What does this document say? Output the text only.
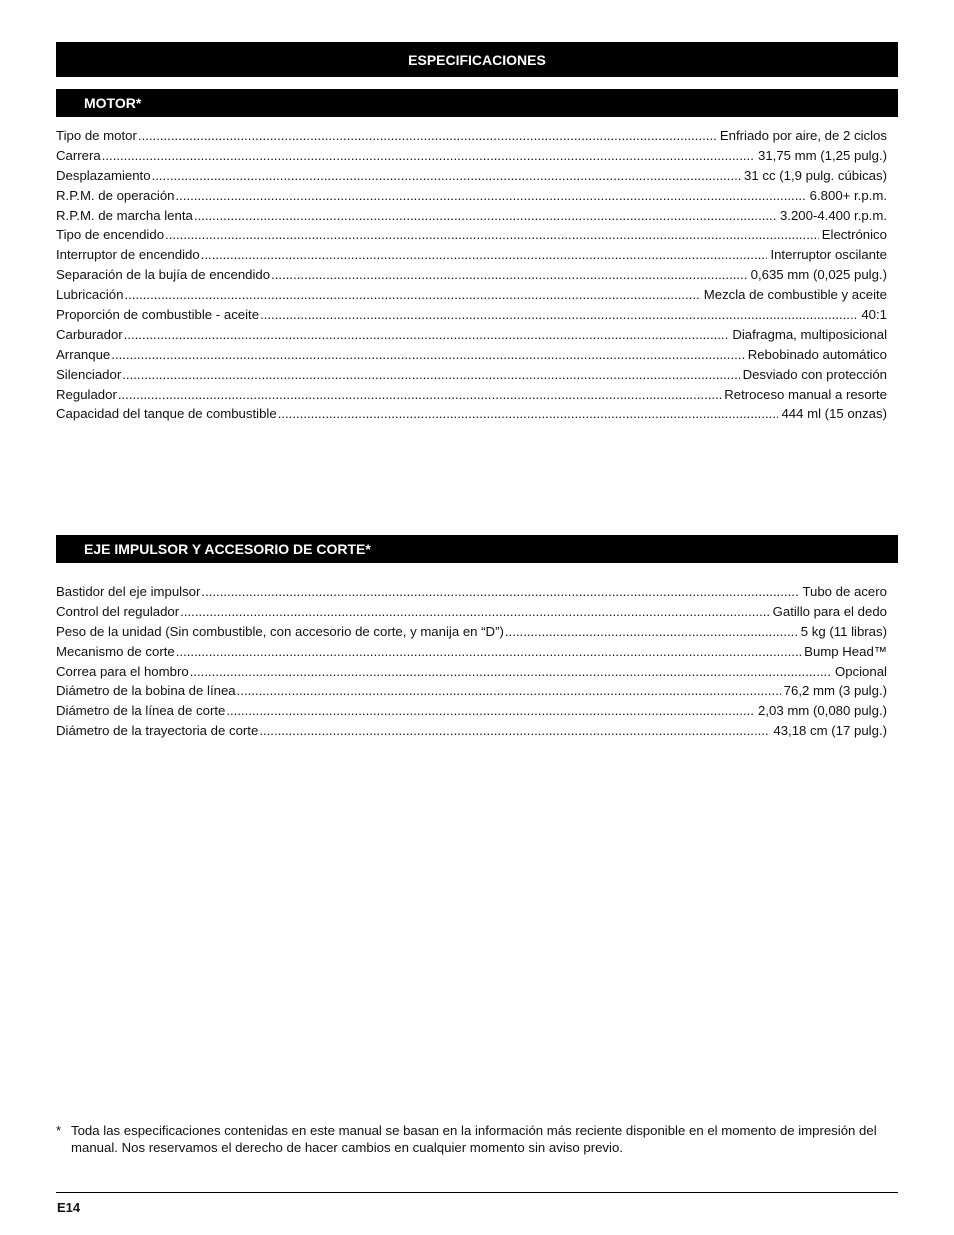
ESPECIFICACIONES
MOTOR*
Tipo de motor .....	Enfriado por aire, de 2 ciclos
Carrera .....	31,75 mm (1,25 pulg.)
Desplazamiento .....	31 cc (1,9 pulg. cúbicas)
R.P.M. de operación .....	6.800+ r.p.m.
R.P.M. de marcha lenta .....	3.200-4.400 r.p.m.
Tipo de encendido .....	Electrónico
Interruptor de encendido .....	Interruptor oscilante
Separación de la bujía de encendido .....	0,635 mm (0,025 pulg.)
Lubricación .....	Mezcla de combustible y aceite
Proporción de combustible - aceite .....	40:1
Carburador .....	Diafragma, multiposicional
Arranque .....	Rebobinado automático
Silenciador .....	Desviado con protección
Regulador .....	Retroceso manual a resorte
Capacidad del tanque de combustible .....	444 ml (15 onzas)
EJE IMPULSOR Y ACCESORIO DE CORTE*
Bastidor del eje impulsor .....	Tubo de acero
Control del regulador .....	Gatillo para el dedo
Peso de la unidad (Sin combustible, con accesorio de corte, y manija en “D”) .....	5 kg (11 libras)
Mecanismo de corte .....	Bump Head™
Correa para el hombro .....	Opcional
Diámetro de la bobina de línea .....	76,2 mm (3 pulg.)
Diámetro de la línea de corte .....	2,03 mm (0,080 pulg.)
Diámetro de la trayectoria de corte .....	43,18 cm (17 pulg.)
* Toda las especificaciones contenidas en este manual se basan en la información más reciente disponible en el momento de impresión del manual. Nos reservamos el derecho de hacer cambios en cualquier momento sin aviso previo.
E14
